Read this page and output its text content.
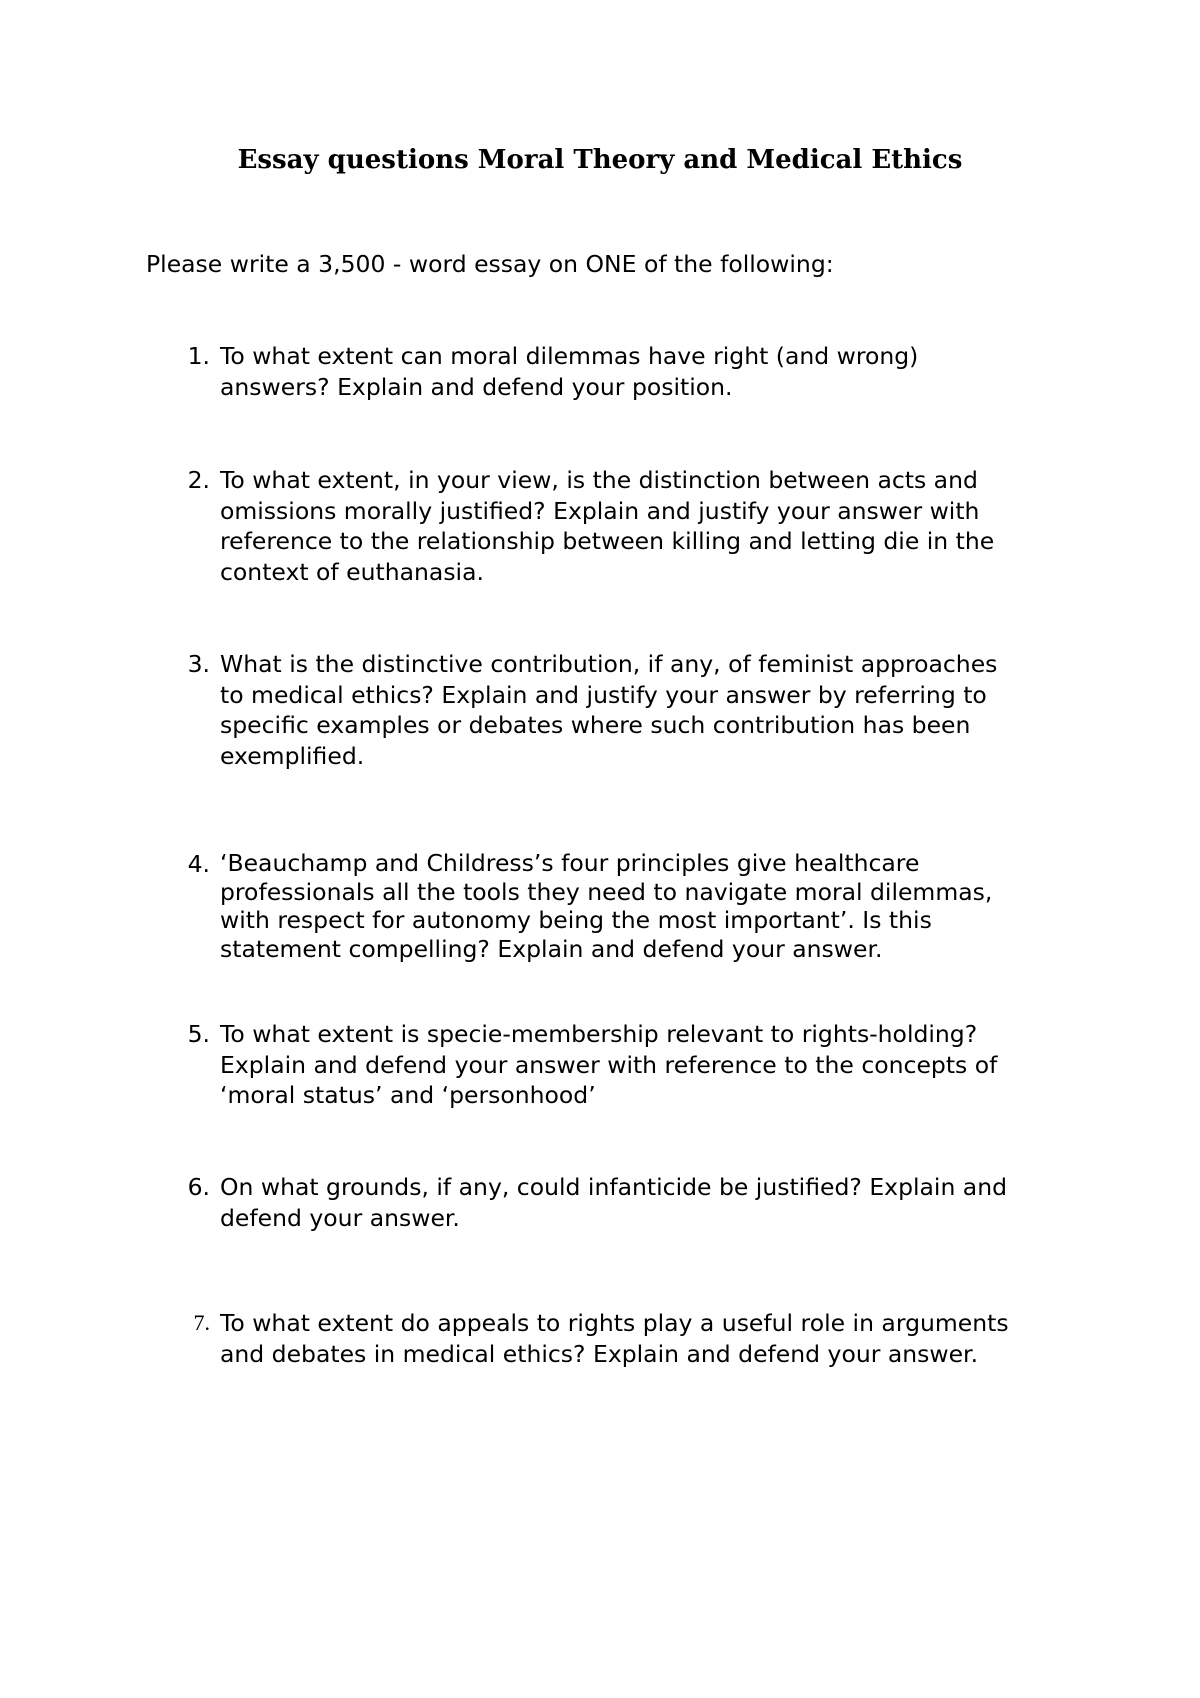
Essay questions Moral Theory and Medical Ethics

Please write a 3,500 - word essay on ONE of the following:

1. To what extent can moral dilemmas have right (and wrong)
answers? Explain and defend your position.
2. To what extent, in your view, is the distinction between acts and
omissions morally justified? Explain and justify your answer with
reference to the relationship between killing and letting die in the
context of euthanasia.
3. What is the distinctive contribution, if any, of feminist approaches
to medical ethics? Explain and justify your answer by referring to
specific examples or debates where such contribution has been
exemplified.
4. ‘Beauchamp and Childress’s four principles give healthcare
professionals all the tools they need to navigate moral dilemmas,
with respect for autonomy being the most important’. Is this
statement compelling? Explain and defend your answer.
5. To what extent is specie-membership relevant to rights-holding?
Explain and defend your answer with reference to the concepts of
‘moral status’ and ‘personhood’
6. On what grounds, if any, could infanticide be justified? Explain and
defend your answer.
7. To what extent do appeals to rights play a useful role in arguments
and debates in medical ethics? Explain and defend your answer.
